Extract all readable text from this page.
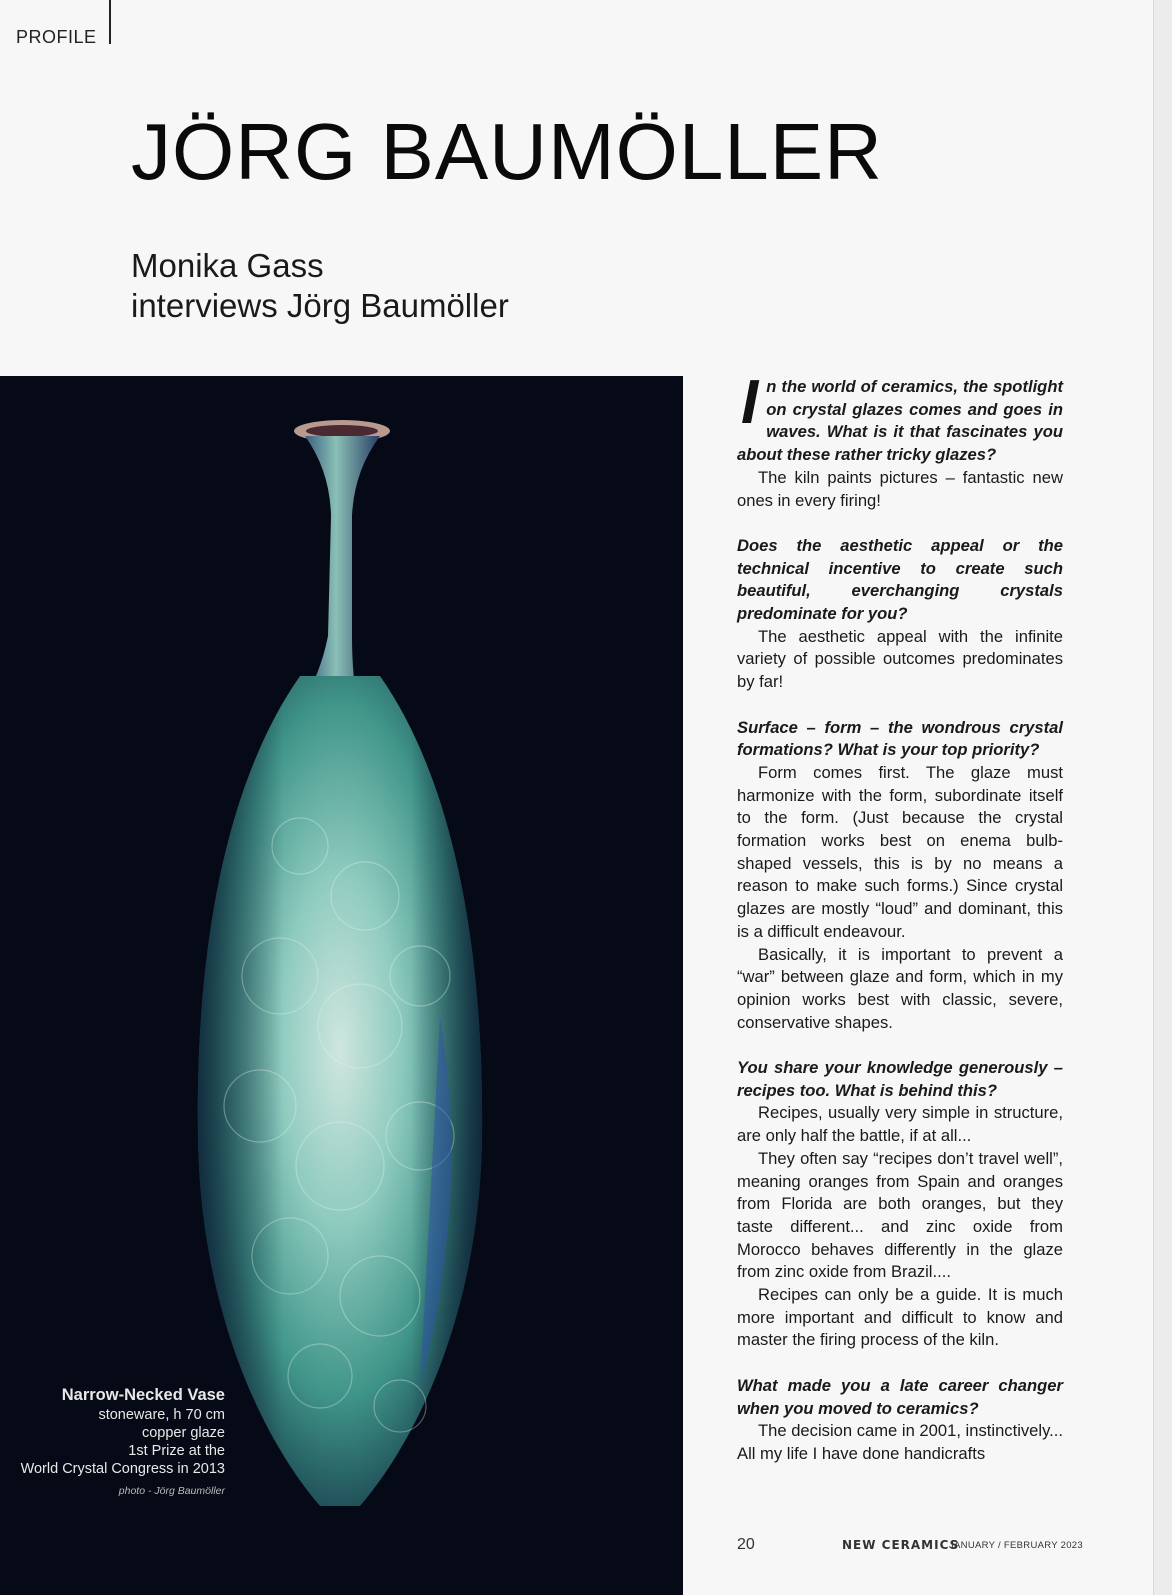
PROFILE
JÖRG BAUMÖLLER
Monika Gass
interviews Jörg Baumöller
Narrow-Necked Vase
stoneware, h 70 cm
copper glaze
1st Prize at the
World Crystal Congress in 2013
photo - Jörg Baumöller

In the world of ceramics, the spotlight on crystal glazes comes and goes in waves. What is it that fascinates you about these rather tricky glazes?

The kiln paints pictures – fantastic new ones in every firing!

Does the aesthetic appeal or the technical incentive to create such beautiful, everchanging crystals predominate for you?

The aesthetic appeal with the infinite variety of possible outcomes predominates by far!

Surface – form – the wondrous crystal formations? What is your top priority?

Form comes first. The glaze must harmonize with the form, subordinate itself to the form. (Just because the crystal formation works best on enema bulb-shaped vessels, this is by no means a reason to make such forms.) Since crystal glazes are mostly “loud” and dominant, this is a difficult endeavour.

Basically, it is important to prevent a “war” between glaze and form, which in my opinion works best with classic, severe, conservative shapes.

You share your knowledge generously – recipes too. What is behind this?

Recipes, usually very simple in structure, are only half the battle, if at all...

They often say “recipes don’t travel well”, meaning oranges from Spain and oranges from Florida are both oranges, but they taste different... and zinc oxide from Morocco behaves differently in the glaze from zinc oxide from Brazil....

Recipes can only be a guide. It is much more important and difficult to know and master the firing process of the kiln.

What made you a late career changer when you moved to ceramics?

The decision came in 2001, instinctively... All my life I have done handicrafts

20	NEW CERAMICS
JANUARY / FEBRUARY 2023
